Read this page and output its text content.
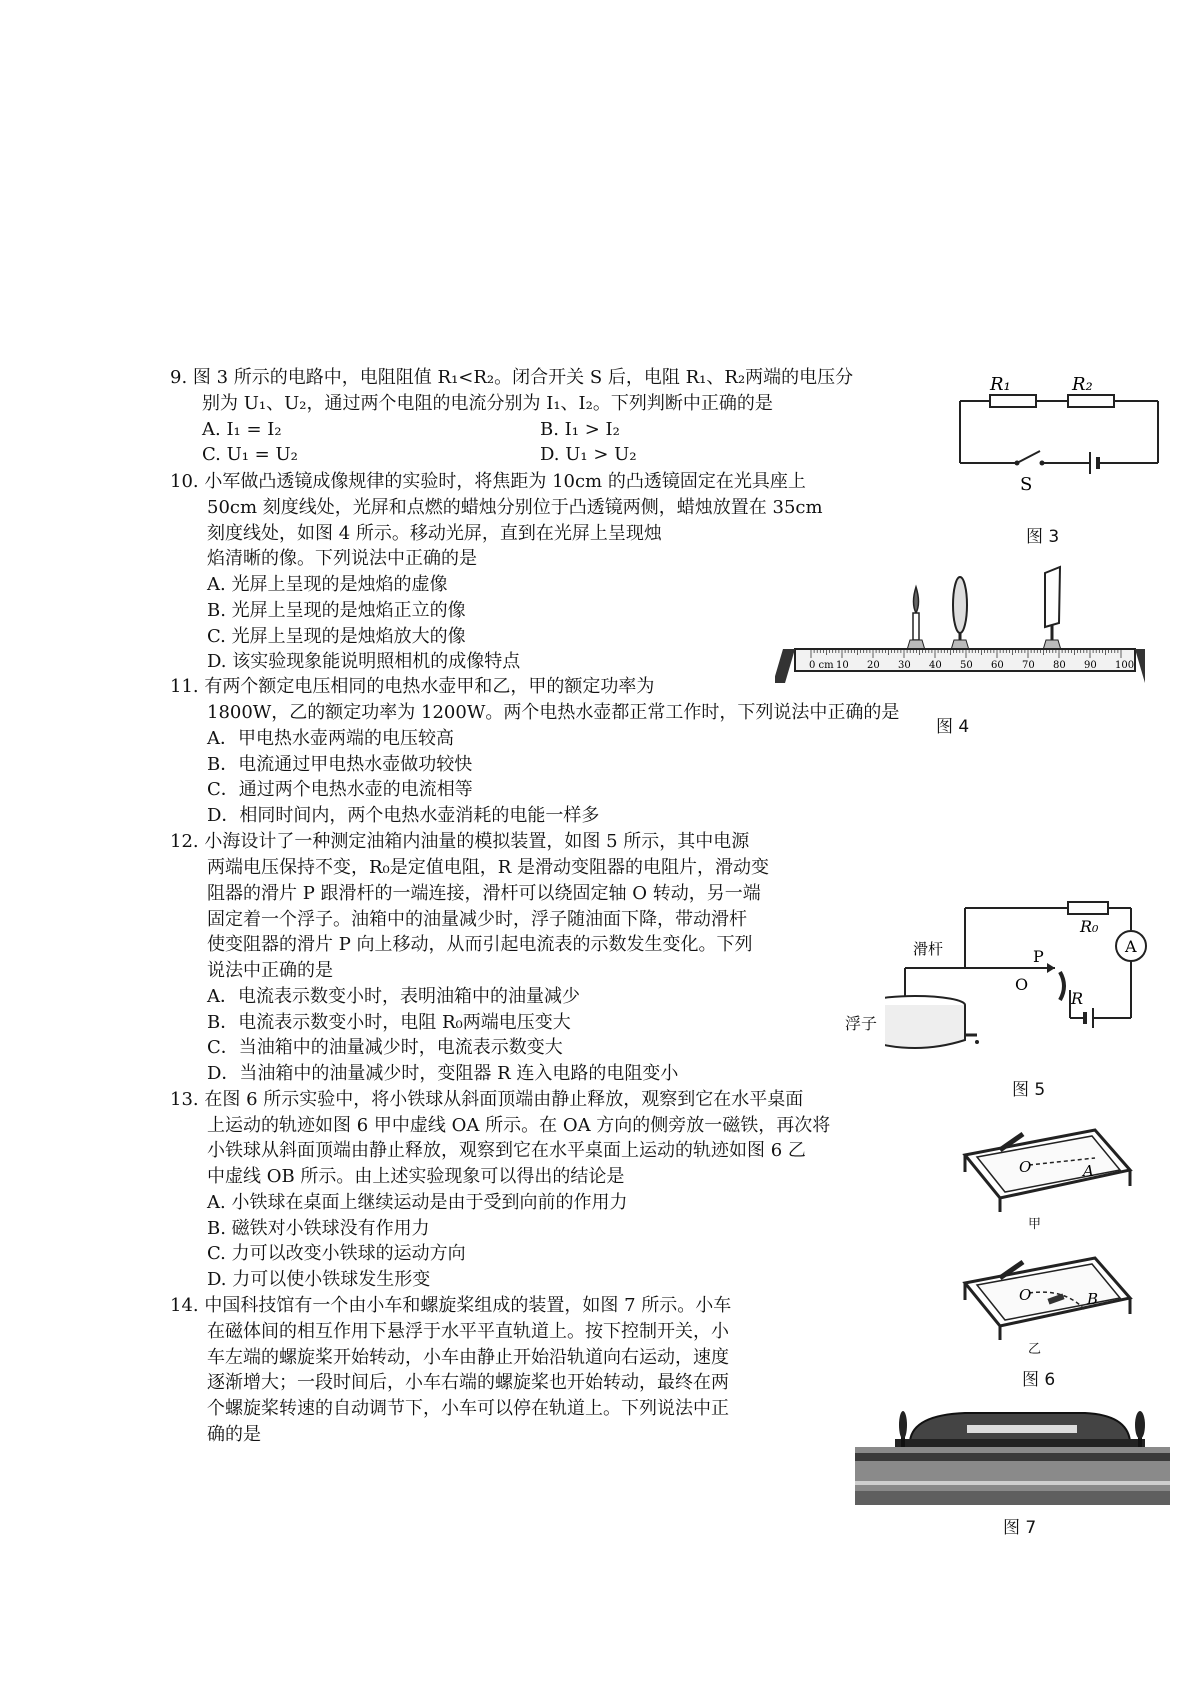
9. 图 3 所示的电路中，电阻阻值 R₁<R₂。闭合开关 S 后，电阻 R₁、R₂两端的电压分
别为 U₁、U₂，通过两个电阻的电流分别为 I₁、I₂。下列判断中正确的是
A. I₁ = I₂	B. I₁ > I₂
C. U₁ = U₂	D. U₁ > U₂
10. 小军做凸透镜成像规律的实验时，将焦距为 10cm 的凸透镜固定在光具座上
50cm 刻度线处，光屏和点燃的蜡烛分别位于凸透镜两侧，蜡烛放置在 35cm
刻度线处，如图 4 所示。移动光屏，直到在光屏上呈现烛
焰清晰的像。下列说法中正确的是
A. 光屏上呈现的是烛焰的虚像
B. 光屏上呈现的是烛焰正立的像
C. 光屏上呈现的是烛焰放大的像
D. 该实验现象能说明照相机的成像特点
11. 有两个额定电压相同的电热水壶甲和乙，甲的额定功率为
1800W，乙的额定功率为 1200W。两个电热水壶都正常工作时，下列说法中正确的是
A．甲电热水壶两端的电压较高
B．电流通过甲电热水壶做功较快
C．通过两个电热水壶的电流相等
D．相同时间内，两个电热水壶消耗的电能一样多
12. 小海设计了一种测定油箱内油量的模拟装置，如图 5 所示，其中电源
两端电压保持不变，R₀是定值电阻，R 是滑动变阻器的电阻片，滑动变
阻器的滑片 P 跟滑杆的一端连接，滑杆可以绕固定轴 O 转动，另一端
固定着一个浮子。油箱中的油量减少时，浮子随油面下降，带动滑杆
使变阻器的滑片 P 向上移动，从而引起电流表的示数发生变化。下列
说法中正确的是
A．电流表示数变小时，表明油箱中的油量减少
B．电流表示数变小时，电阻 R₀两端电压变大
C．当油箱中的油量减少时，电流表示数变大
D．当油箱中的油量减少时，变阻器 R 连入电路的电阻变小
13. 在图 6 所示实验中，将小铁球从斜面顶端由静止释放，观察到它在水平桌面
上运动的轨迹如图 6 甲中虚线 OA 所示。在 OA 方向的侧旁放一磁铁，再次将
小铁球从斜面顶端由静止释放，观察到它在水平桌面上运动的轨迹如图 6 乙
中虚线 OB 所示。由上述实验现象可以得出的结论是
A. 小铁球在桌面上继续运动是由于受到向前的作用力
B. 磁铁对小铁球没有作用力
C. 力可以改变小铁球的运动方向
D. 力可以使小铁球发生形变
14. 中国科技馆有一个由小车和螺旋桨组成的装置，如图 7 所示。小车
在磁体间的相互作用下悬浮于水平平直轨道上。按下控制开关，小
车左端的螺旋桨开始转动，小车由静止开始沿轨道向右运动，速度
逐渐增大；一段时间后，小车右端的螺旋桨也开始转动，最终在两
个螺旋桨转速的自动调节下，小车可以停在轨道上。下列说法中正
确的是
R₁	R₂
S
图 3
0 cm 10 20 30 40 50 60 70 80 90 100
图 4
R₀
A
R
滑杆	P
O
浮子
图 5
O	A
甲
O	B
乙
图 6
图 7
